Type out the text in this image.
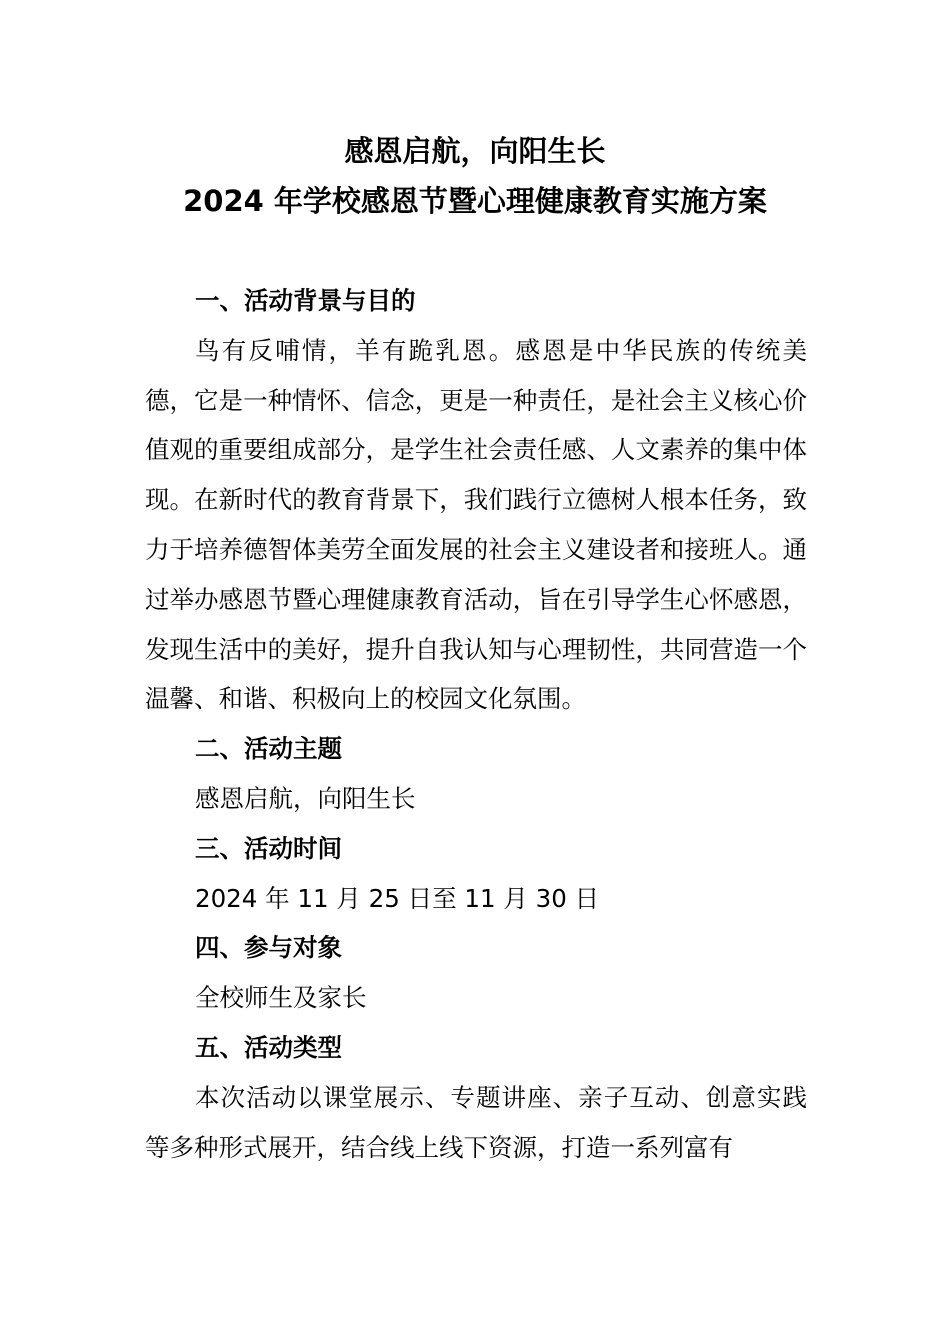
感恩启航，向阳生长
2024 年学校感恩节暨心理健康教育实施方案

一、活动背景与目的

鸟有反哺情，羊有跪乳恩。感恩是中华民族的传统美德，它是一种情怀、信念，更是一种责任，是社会主义核心价值观的重要组成部分，是学生社会责任感、人文素养的集中体现。在新时代的教育背景下，我们践行立德树人根本任务，致力于培养德智体美劳全面发展的社会主义建设者和接班人。通过举办感恩节暨心理健康教育活动，旨在引导学生心怀感恩，发现生活中的美好，提升自我认知与心理韧性，共同营造一个温馨、和谐、积极向上的校园文化氛围。

二、活动主题

感恩启航，向阳生长

三、活动时间

2024 年 11 月 25 日至 11 月 30 日

四、参与对象

全校师生及家长

五、活动类型

本次活动以课堂展示、专题讲座、亲子互动、创意实践等多种形式展开，结合线上线下资源，打造一系列富有
